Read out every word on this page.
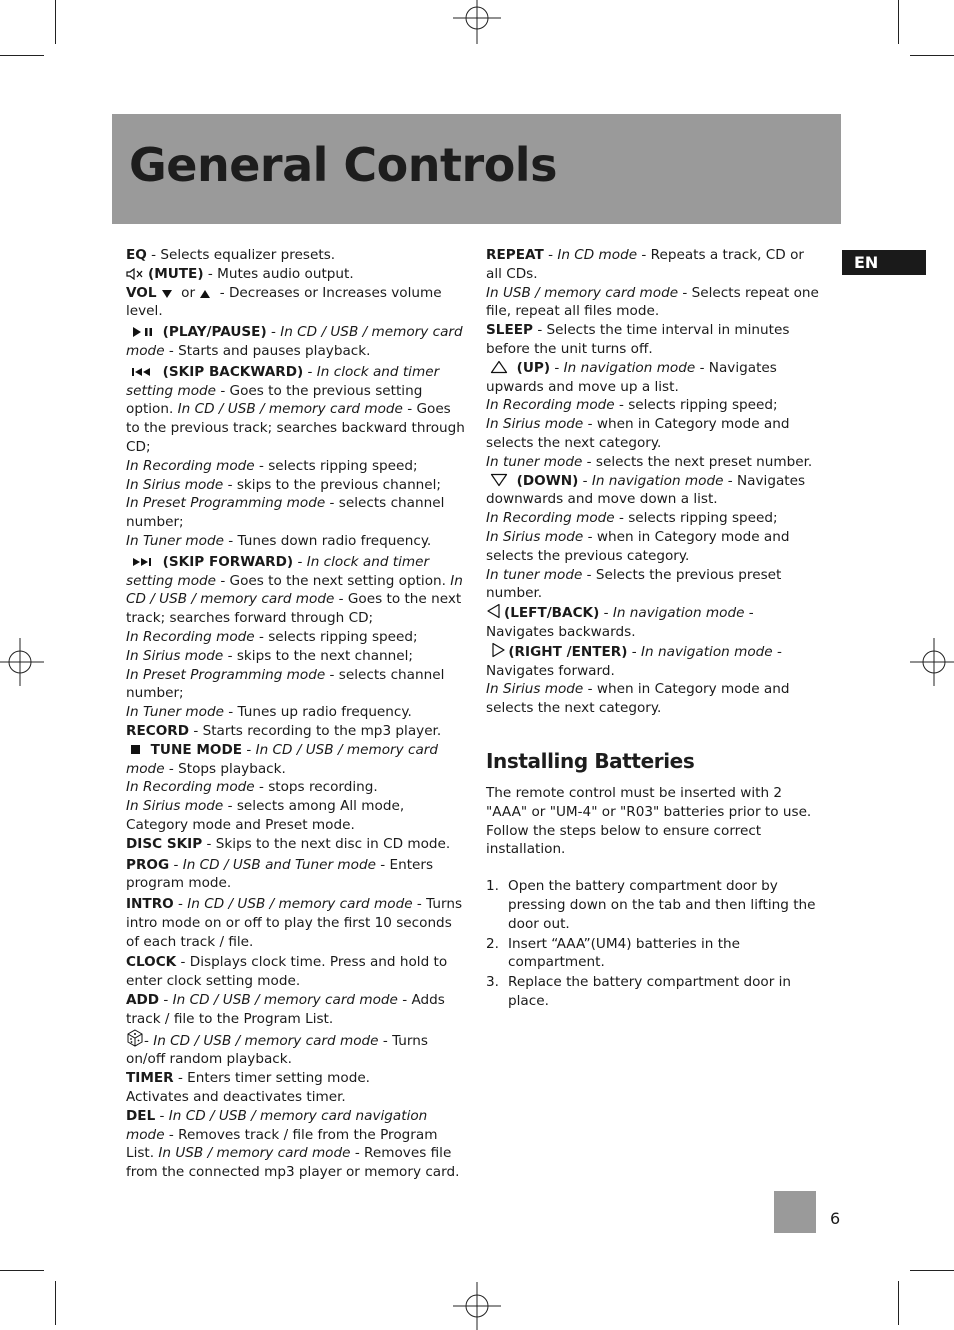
General Controls
EN

EQ - Selects equalizer presets.

(MUTE) - Mutes audio output.

VOL
or
- Decreases or Increases volume level.

(PLAY/PAUSE) - In CD / USB / memory card mode - Starts and pauses playback.

(SKIP BACKWARD) - In clock and timer setting mode - Goes to the previous setting option. In CD / USB / memory card mode - Goes to the previous track; searches backward through CD;

In Recording mode - selects ripping speed;

In Sirius mode - skips to the previous channel;

In Preset Programming mode - selects channel number;

In Tuner mode - Tunes down radio frequency.

(SKIP FORWARD) - In clock and timer setting mode - Goes to the next setting option. In CD / USB / memory card mode - Goes to the next track; searches forward through CD;

In Recording mode - selects ripping speed;

In Sirius mode - skips to the next channel;

In Preset Programming mode - selects channel number;

In Tuner mode - Tunes up radio frequency.

RECORD - Starts recording to the mp3 player.

TUNE MODE - In CD / USB / memory card mode - Stops playback.

In Recording mode - stops recording.

In Sirius mode - selects among All mode, Category mode and Preset mode.

DISC SKIP - Skips to the next disc in CD mode.

PROG - In CD / USB and Tuner mode - Enters program mode.

INTRO - In CD / USB / memory card mode - Turns intro mode on or off to play the first 10 seconds of each track / file.

CLOCK - Displays clock time. Press and hold to enter clock setting mode.

ADD - In CD / USB / memory card mode - Adds track / file to the Program List.

- In CD / USB / memory card mode - Turns on/off random playback.

TIMER - Enters timer setting mode.

Activates and deactivates timer.

DEL - In CD / USB / memory card navigation mode - Removes track / file from the Program List. In USB / memory card mode - Removes file from the connected mp3 player or memory card.

REPEAT - In CD mode - Repeats a track, CD or all CDs.

In USB / memory card mode - Selects repeat one file, repeat all files mode.

SLEEP - Selects the time interval in minutes before the unit turns off.

(UP) - In navigation mode - Navigates upwards and move up a list.

In Recording mode - selects ripping speed;

In Sirius mode - when in Category mode and selects the next category.

In tuner mode - selects the next preset number.

(DOWN) - In navigation mode - Navigates downwards and move down a list.

In Recording mode - selects ripping speed;

In Sirius mode - when in Category mode and selects the previous category.

In tuner mode - Selects the previous preset number.

(LEFT/BACK) - In navigation mode - Navigates backwards.

(RIGHT /ENTER) - In navigation mode - Navigates forward.

In Sirius mode - when in Category mode and selects the next category.

Installing Batteries

The remote control must be inserted with 2 "AAA" or "UM-4" or "R03" batteries prior to use. Follow the steps below to ensure correct installation.

1. Open the battery compartment door by pressing down on the tab and then lifting the door out.
2. Insert “AAA”(UM4) batteries in the compartment.
3. Replace the battery compartment door in place.
6
